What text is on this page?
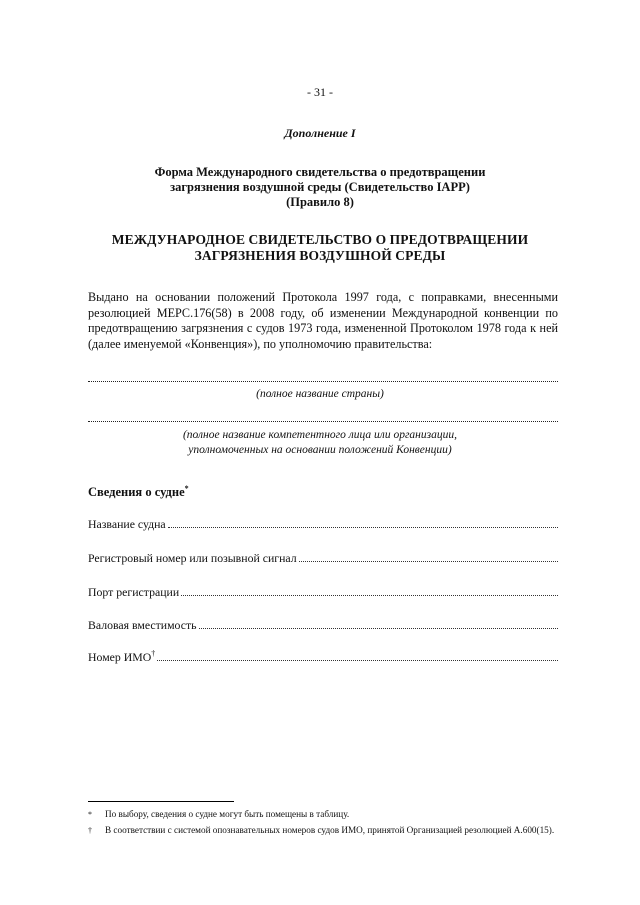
- 31 -
Дополнение I
Форма Международного свидетельства о предотвращении
загрязнения воздушной среды (Свидетельство IAPP)
(Правило 8)
МЕЖДУНАРОДНОЕ СВИДЕТЕЛЬСТВО О ПРЕДОТВРАЩЕНИИ
ЗАГРЯЗНЕНИЯ ВОЗДУШНОЙ СРЕДЫ
Выдано на основании положений Протокола 1997 года, с поправками, внесенными резолюцией МЕРС.176(58) в 2008 году, об изменении Международной конвенции по предотвращению загрязнения с судов 1973 года, измененной Протоколом 1978 года к ней (далее именуемой «Конвенция»), по уполномочию правительства:
(полное название страны)
(полное название компетентного лица или организации,
уполномоченных на основании положений Конвенции)
Сведения о судне*
Название судна
Регистровый номер или позывной сигнал
Порт регистрации
Валовая вместимость
Номер ИМО†
*	По выбору, сведения о судне могут быть помещены в таблицу.
†	В соответствии с системой опознавательных номеров судов ИМО, принятой Организацией резолюцией A.600(15).
